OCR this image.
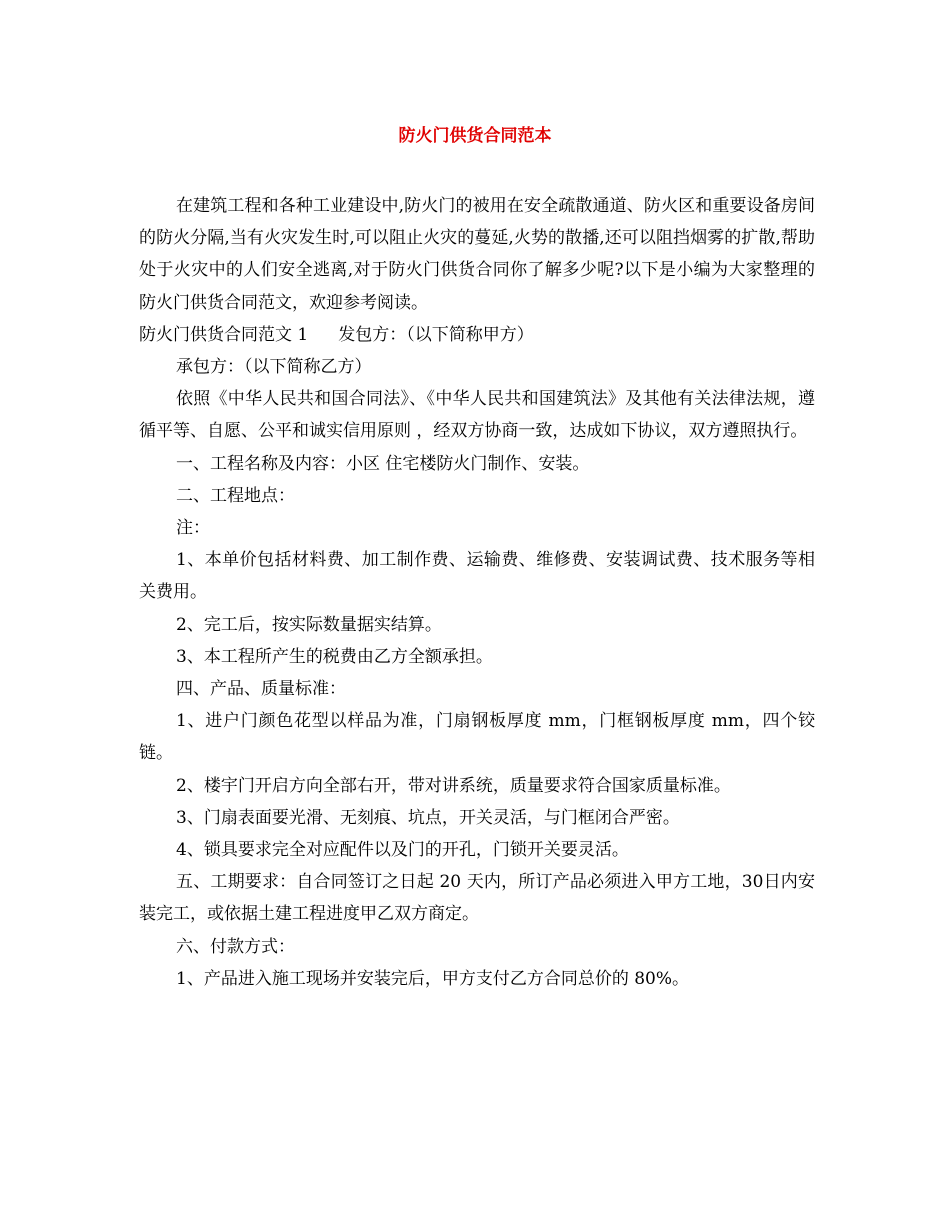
防火门供货合同范本

在建筑工程和各种工业建设中,防火门的被用在安全疏散通道、防火区和重要设备房间的防火分隔,当有火灾发生时,可以阻止火灾的蔓延,火势的散播,还可以阻挡烟雾的扩散,帮助处于火灾中的人们安全逃离,对于防火门供货合同你了解多少呢?以下是小编为大家整理的防火门供货合同范文，欢迎参考阅读。

防火门供货合同范文 1 发包方：（以下简称甲方）

承包方：（以下简称乙方）

依照《中华人民共和国合同法》、《中华人民共和国建筑法》及其他有关法律法规，遵循平等、自愿、公平和诚实信用原则 ，经双方协商一致，达成如下协议，双方遵照执行。

一、工程名称及内容：小区 住宅楼防火门制作、安装。

二、工程地点：

注：

1、本单价包括材料费、加工制作费、运输费、维修费、安装调试费、技术服务等相关费用。

2、完工后，按实际数量据实结算。

3、本工程所产生的税费由乙方全额承担。

四、产品、质量标准：

1、进户门颜色花型以样品为准，门扇钢板厚度 mm，门框钢板厚度 mm，四个铰链。

2、楼宇门开启方向全部右开，带对讲系统，质量要求符合国家质量标准。

3、门扇表面要光滑、无刻痕、坑点，开关灵活，与门框闭合严密。

4、锁具要求完全对应配件以及门的开孔，门锁开关要灵活。

五、工期要求：自合同签订之日起 20 天内，所订产品必须进入甲方工地，30日内安装完工，或依据土建工程进度甲乙双方商定。

六、付款方式：

1、产品进入施工现场并安装完后，甲方支付乙方合同总价的 80%。
